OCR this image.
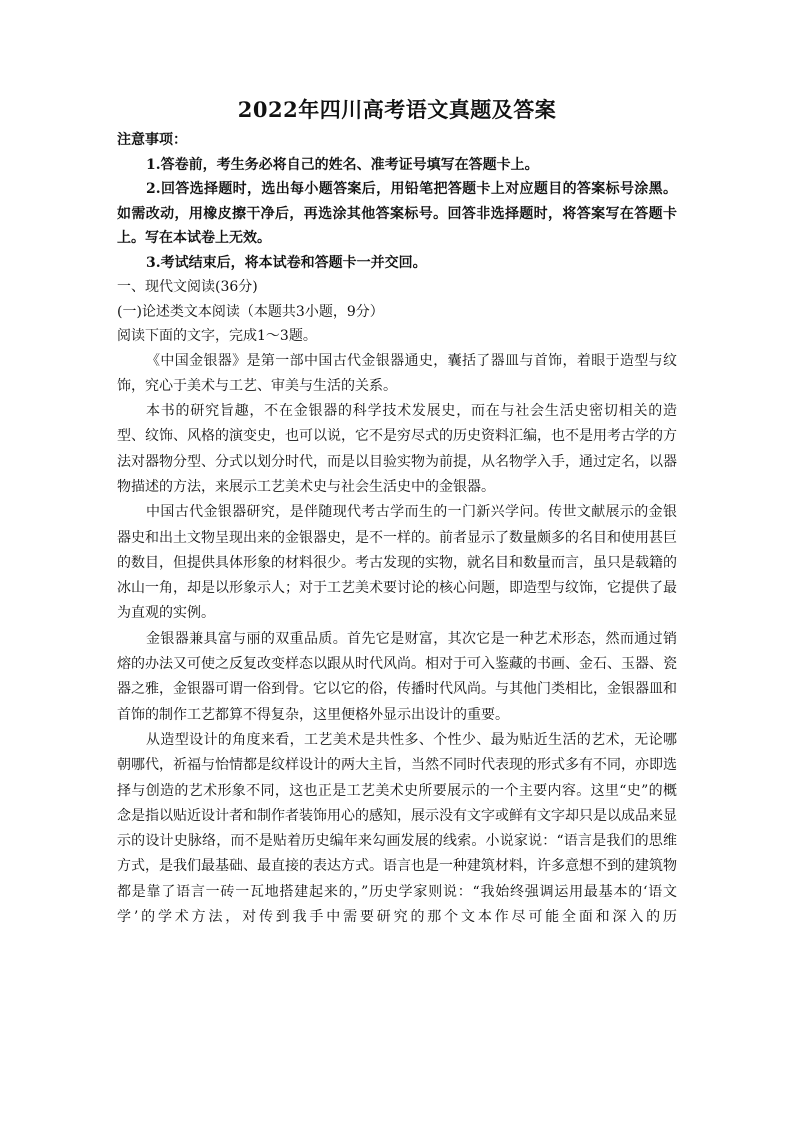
2022年四川高考语文真题及答案

注意事项：

1.答卷前，考生务必将自己的姓名、准考证号填写在答题卡上。

2.回答选择题时，选出每小题答案后，用铅笔把答题卡上对应题目的答案标号涂黑。如需改动，用橡皮擦干净后，再选涂其他答案标号。回答非选择题时，将答案写在答题卡上。写在本试卷上无效。

3.考试结束后，将本试卷和答题卡一并交回。

一、现代文阅读(36分)

(一)论述类文本阅读（本题共3小题，9分）

阅读下面的文字，完成1～3题。

《中国金银器》是第一部中国古代金银器通史，囊括了器皿与首饰，着眼于造型与纹饰，究心于美术与工艺、审美与生活的关系。

本书的研究旨趣，不在金银器的科学技术发展史，而在与社会生活史密切相关的造型、纹饰、风格的演变史，也可以说，它不是穷尽式的历史资料汇编，也不是用考古学的方法对器物分型、分式以划分时代，而是以目验实物为前提，从名物学入手，通过定名，以器物描述的方法，来展示工艺美术史与社会生活史中的金银器。

中国古代金银器研究，是伴随现代考古学而生的一门新兴学问。传世文献展示的金银器史和出土文物呈现出来的金银器史，是不一样的。前者显示了数量颇多的名目和使用甚巨的数目，但提供具体形象的材料很少。考古发现的实物，就名目和数量而言，虽只是载籍的冰山一角，却是以形象示人；对于工艺美术要讨论的核心问题，即造型与纹饰，它提供了最为直观的实例。

金银器兼具富与丽的双重品质。首先它是财富，其次它是一种艺术形态，然而通过销熔的办法又可使之反复改变样态以跟从时代风尚。相对于可入鉴藏的书画、金石、玉器、瓷器之雅，金银器可谓一俗到骨。它以它的俗，传播时代风尚。与其他门类相比，金银器皿和首饰的制作工艺都算不得复杂，这里便格外显示出设计的重要。

从造型设计的角度来看，工艺美术是共性多、个性少、最为贴近生活的艺术，无论哪朝哪代，祈福与怡情都是纹样设计的两大主旨，当然不同时代表现的形式多有不同，亦即选择与创造的艺术形象不同，这也正是工艺美术史所要展示的一个主要内容。这里“史”的概念是指以贴近设计者和制作者装饰用心的感知，展示没有文字或鲜有文字却只是以成品来显示的设计史脉络，而不是贴着历史编年来勾画发展的线索。小说家说：“语言是我们的思维方式，是我们最基础、最直接的表达方式。语言也是一种建筑材料，许多意想不到的建筑物都是靠了语言一砖一瓦地搭建起来的，”历史学家则说：“我始终强调运用最基本的‘语文学’的学术方法，对传到我手中需要研究的那个文本作尽可能全面和深入的历
